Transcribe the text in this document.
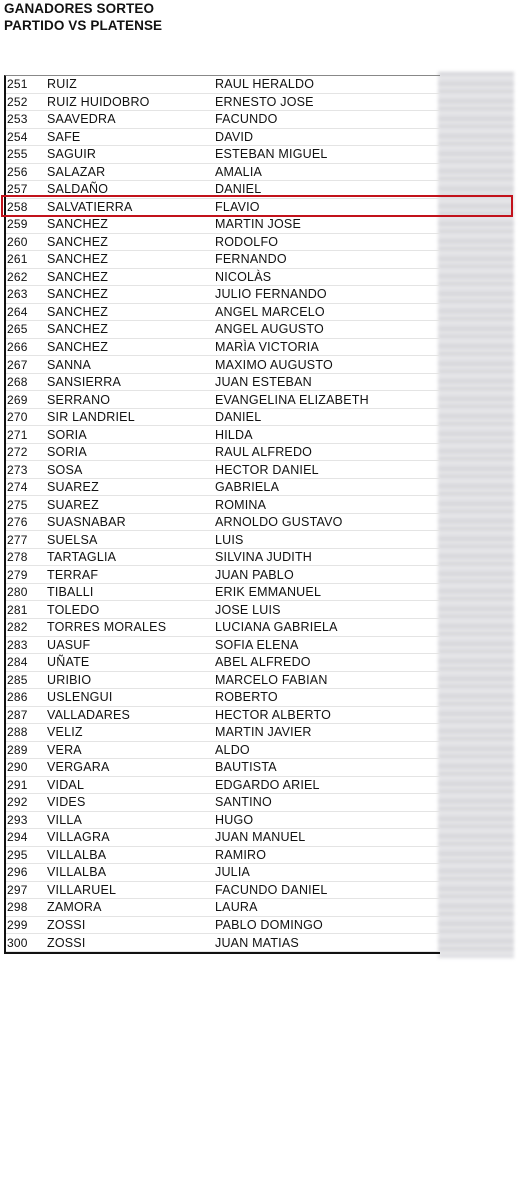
GANADORES SORTEO
PARTIDO VS PLATENSE
251	RUIZ	RAUL HERALDO
252	RUIZ HUIDOBRO	ERNESTO JOSE
253	SAAVEDRA	FACUNDO
254	SAFE	DAVID
255	SAGUIR	ESTEBAN MIGUEL
256	SALAZAR	AMALIA
257	SALDAÑO	DANIEL
258	SALVATIERRA	FLAVIO
259	SANCHEZ	MARTIN JOSE
260	SANCHEZ	RODOLFO
261	SANCHEZ	FERNANDO
262	SANCHEZ	NICOLÀS
263	SANCHEZ	JULIO FERNANDO
264	SANCHEZ	ANGEL MARCELO
265	SANCHEZ	ANGEL AUGUSTO
266	SANCHEZ	MARÌA VICTORIA
267	SANNA	MAXIMO AUGUSTO
268	SANSIERRA	JUAN ESTEBAN
269	SERRANO	EVANGELINA ELIZABETH
270	SIR LANDRIEL	DANIEL
271	SORIA	HILDA
272	SORIA	RAUL ALFREDO
273	SOSA	HECTOR DANIEL
274	SUAREZ	GABRIELA
275	SUAREZ	ROMINA
276	SUASNABAR	ARNOLDO GUSTAVO
277	SUELSA	LUIS
278	TARTAGLIA	SILVINA JUDITH
279	TERRAF	JUAN PABLO
280	TIBALLI	ERIK EMMANUEL
281	TOLEDO	JOSE LUIS
282	TORRES MORALES	LUCIANA GABRIELA
283	UASUF	SOFIA ELENA
284	UÑATE	ABEL ALFREDO
285	URIBIO	MARCELO FABIAN
286	USLENGUI	ROBERTO
287	VALLADARES	HECTOR ALBERTO
288	VELIZ	MARTIN JAVIER
289	VERA	ALDO
290	VERGARA	BAUTISTA
291	VIDAL	EDGARDO ARIEL
292	VIDES	SANTINO
293	VILLA	HUGO
294	VILLAGRA	JUAN MANUEL
295	VILLALBA	RAMIRO
296	VILLALBA	JULIA
297	VILLARUEL	FACUNDO DANIEL
298	ZAMORA	LAURA
299	ZOSSI	PABLO DOMINGO
300	ZOSSI	JUAN MATIAS
